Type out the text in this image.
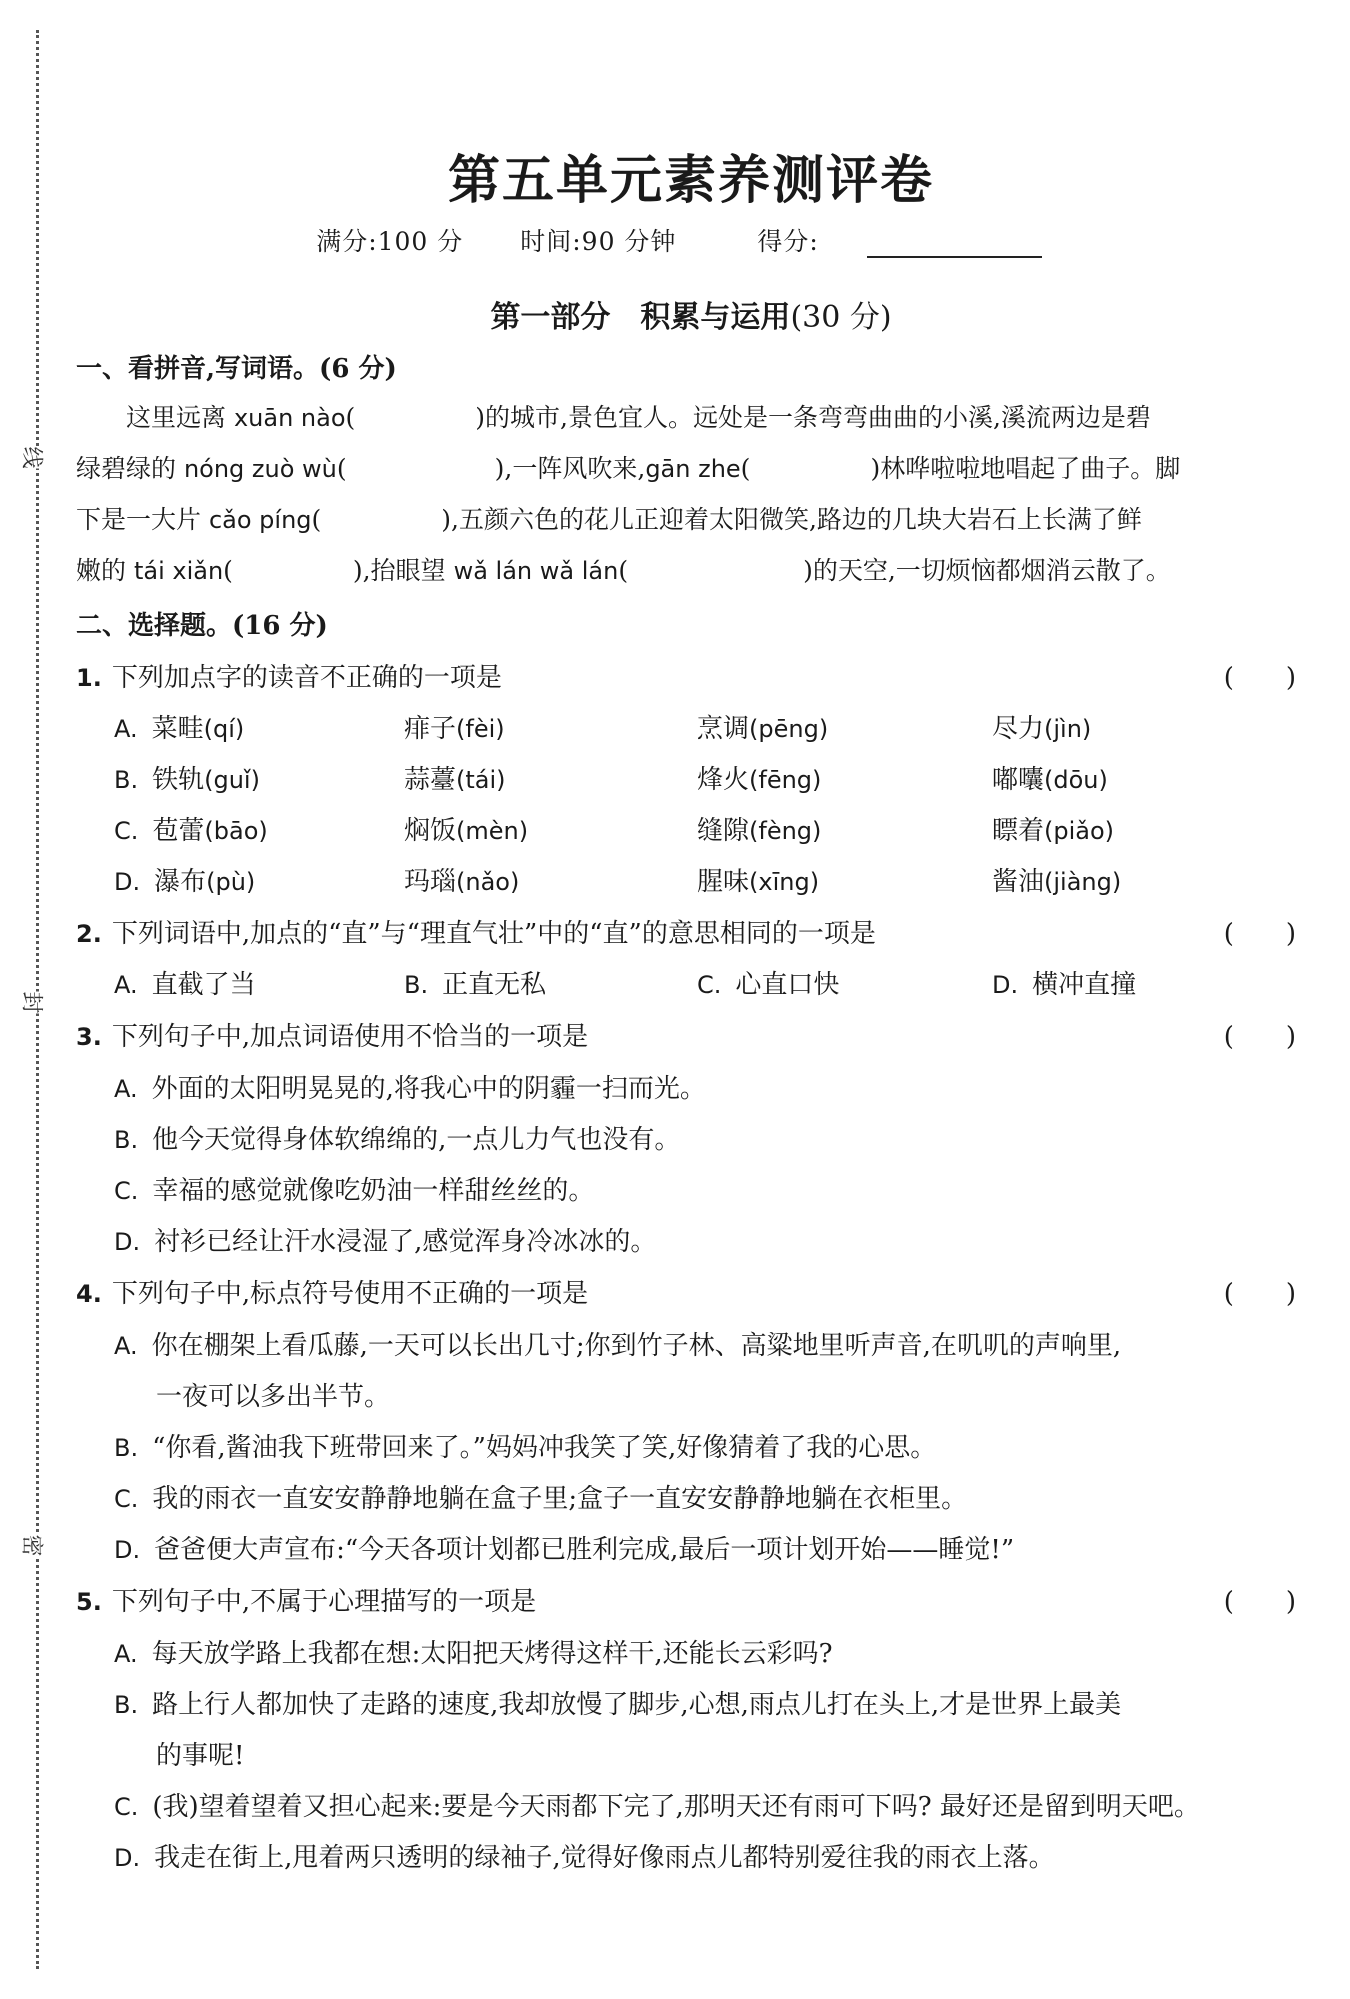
线
封
密
第五单元素养测评卷
满分:100 分 时间:90 分钟	得分:
第一部分　积累与运用(30 分)
一、看拼音,写词语。(6 分)
　　这里远离 xuān nào(	)的城市,景色宜人。远处是一条弯弯曲曲的小溪,溪流两边是碧
绿碧绿的 nóng zuò wù(	),一阵风吹来,gān zhe(	)林哗啦啦地唱起了曲子。脚
下是一大片 cǎo píng(	),五颜六色的花儿正迎着太阳微笑,路边的几块大岩石上长满了鲜
嫩的 tái xiǎn(	),抬眼望 wǎ lán wǎ lán(	)的天空,一切烦恼都烟消云散了。
二、选择题。(16 分)
1. 下列加点字的读音不正确的一项是	(　　)
A. 菜畦(qí)	痱子(fèi)	烹调(pēng)	尽力(jìn)
B. 铁轨(guǐ)	蒜薹(tái)	烽火(fēng)	嘟囔(dōu)
C. 苞蕾(bāo)	焖饭(mèn)	缝隙(fèng)	瞟着(piǎo)
D. 瀑布(pù)	玛瑙(nǎo)	腥味(xīng)	酱油(jiàng)
2. 下列词语中,加点的“直”与“理直气壮”中的“直”的意思相同的一项是	(　　)
A. 直截了当	B. 正直无私	C. 心直口快	D. 横冲直撞
3. 下列句子中,加点词语使用不恰当的一项是	(　　)
A. 外面的太阳明晃晃的,将我心中的阴霾一扫而光。
B. 他今天觉得身体软绵绵的,一点儿力气也没有。
C. 幸福的感觉就像吃奶油一样甜丝丝的。
D. 衬衫已经让汗水浸湿了,感觉浑身冷冰冰的。
4. 下列句子中,标点符号使用不正确的一项是	(　　)
A. 你在棚架上看瓜藤,一天可以长出几寸;你到竹子林、高粱地里听声音,在叽叽的声响里,
一夜可以多出半节。
B. “你看,酱油我下班带回来了。”妈妈冲我笑了笑,好像猜着了我的心思。
C. 我的雨衣一直安安静静地躺在盒子里;盒子一直安安静静地躺在衣柜里。
D. 爸爸便大声宣布:“今天各项计划都已胜利完成,最后一项计划开始——睡觉!”
5. 下列句子中,不属于心理描写的一项是	(　　)
A. 每天放学路上我都在想:太阳把天烤得这样干,还能长云彩吗?
B. 路上行人都加快了走路的速度,我却放慢了脚步,心想,雨点儿打在头上,才是世界上最美
的事呢!
C. (我)望着望着又担心起来:要是今天雨都下完了,那明天还有雨可下吗? 最好还是留到明天吧。
D. 我走在街上,甩着两只透明的绿袖子,觉得好像雨点儿都特别爱往我的雨衣上落。
